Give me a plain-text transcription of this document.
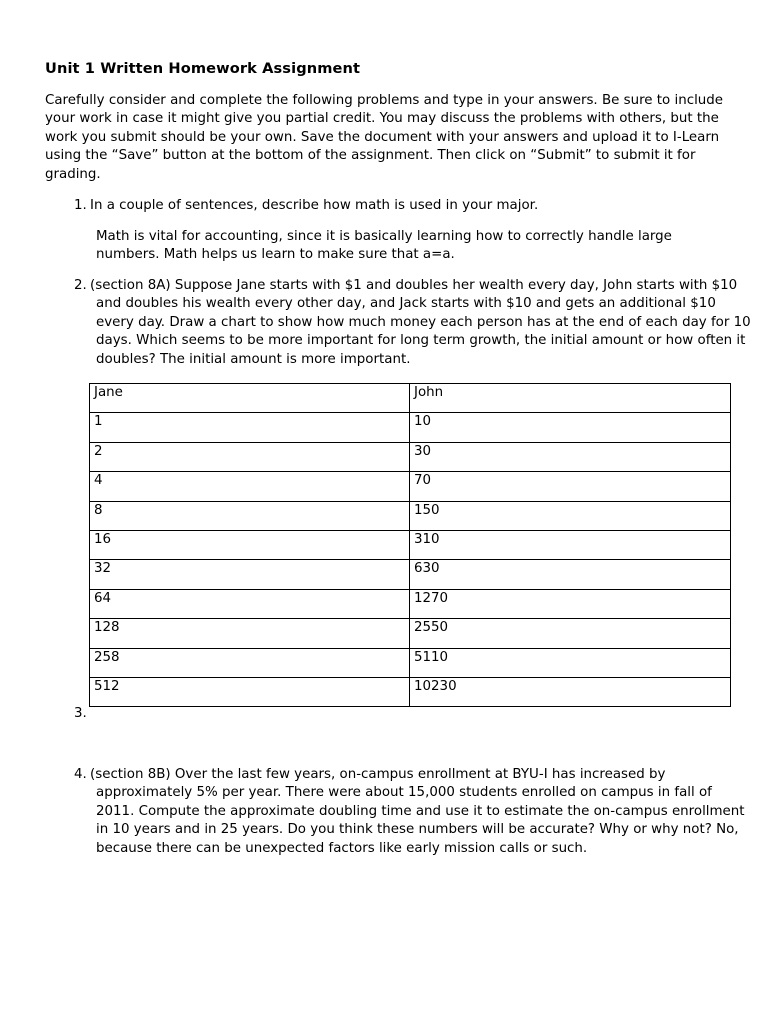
Unit 1 Written Homework Assignment
Carefully consider and complete the following problems and type in your answers. Be sure to include your work in case it might give you partial credit. You may discuss the problems with others, but the work you submit should be your own. Save the document with your answers and upload it to I-Learn using the “Save” button at the bottom of the assignment. Then click on “Submit” to submit it for grading.
1. In a couple of sentences, describe how math is used in your major.
Math is vital for accounting, since it is basically learning how to correctly handle large numbers. Math helps us learn to make sure that a=a.
2. (section 8A) Suppose Jane starts with $1 and doubles her wealth every day, John starts with $10 and doubles his wealth every other day, and Jack starts with $10 and gets an additional $10 every day. Draw a chart to show how much money each person has at the end of each day for 10 days. Which seems to be more important for long term growth, the initial amount or how often it doubles? The initial amount is more important.
Jane	John
1	10
2	30
4	70
8	150
16	310
32	630
64	1270
128	2550
258	5110
512	10230
3.
4. (section 8B) Over the last few years, on-campus enrollment at BYU-I has increased by approximately 5% per year. There were about 15,000 students enrolled on campus in fall of 2011. Compute the approximate doubling time and use it to estimate the on-campus enrollment in 10 years and in 25 years. Do you think these numbers will be accurate? Why or why not? No, because there can be unexpected factors like early mission calls or such.
